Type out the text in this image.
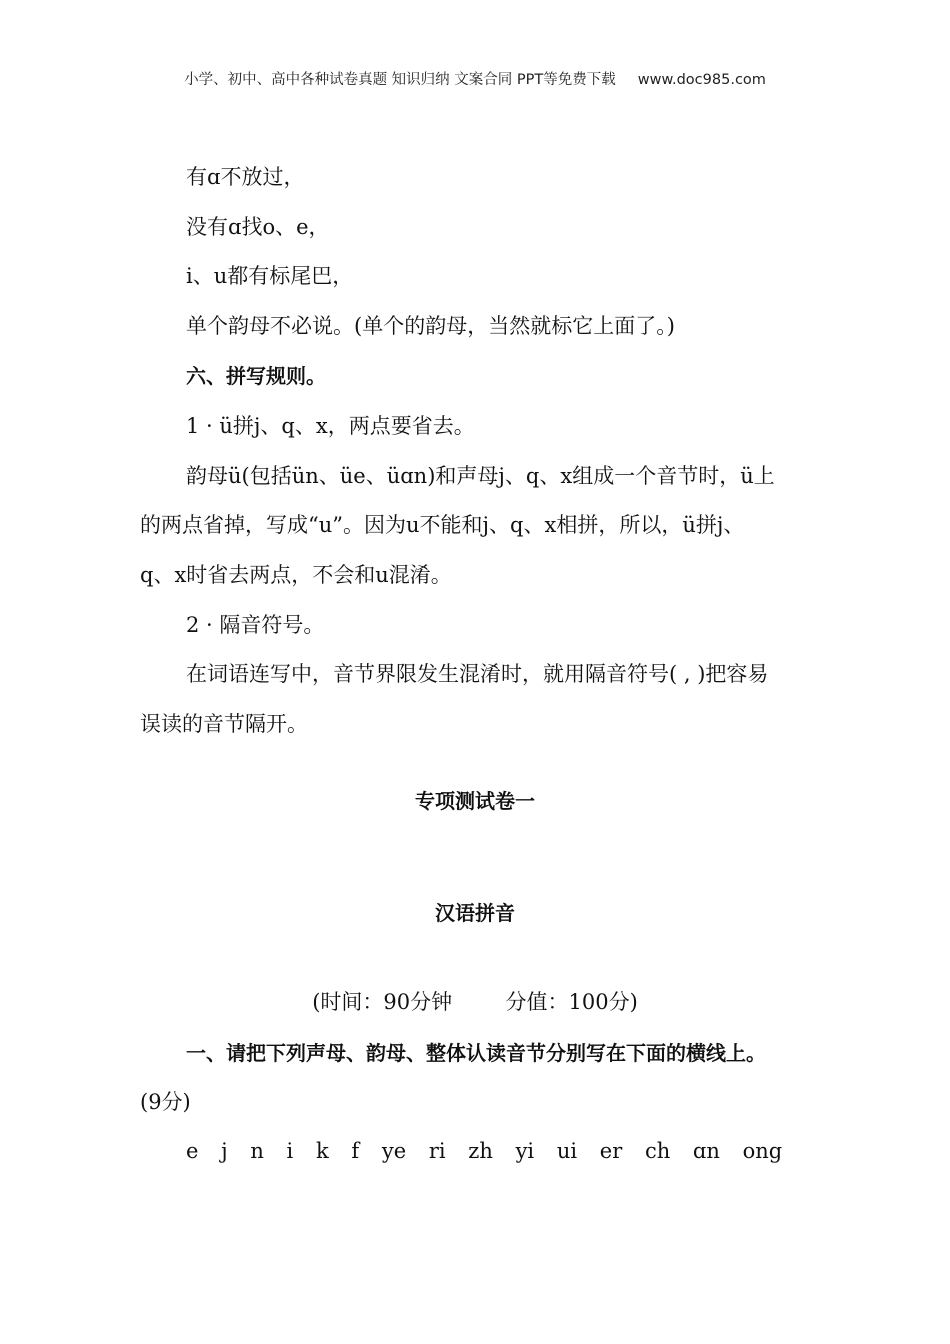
小学、初中、高中各种试卷真题 知识归纳 文案合同 PPT等免费下载 www.doc985.com
有ɑ不放过，
没有ɑ找o、e，
i、u都有标尾巴，
单个韵母不必说。(单个的韵母，当然就标它上面了。)
六、拼写规则。
1 · ü拼j、q、x，两点要省去。
韵母ü(包括ün、üe、üɑn)和声母j、q、x组成一个音节时，ü上
的两点省掉，写成“u”。因为u不能和j、q、x相拼，所以，ü拼j、
q、x时省去两点，不会和u混淆。
2 · 隔音符号。
在词语连写中，音节界限发生混淆时，就用隔音符号( , )把容易
误读的音节隔开。
专项测试卷一
汉语拼音
(时间：90分钟        分值：100分)
一、请把下列声母、韵母、整体认读音节分别写在下面的横线上。
(9分)
e j n i k f ye ri zh yi ui er ch ɑn ong
